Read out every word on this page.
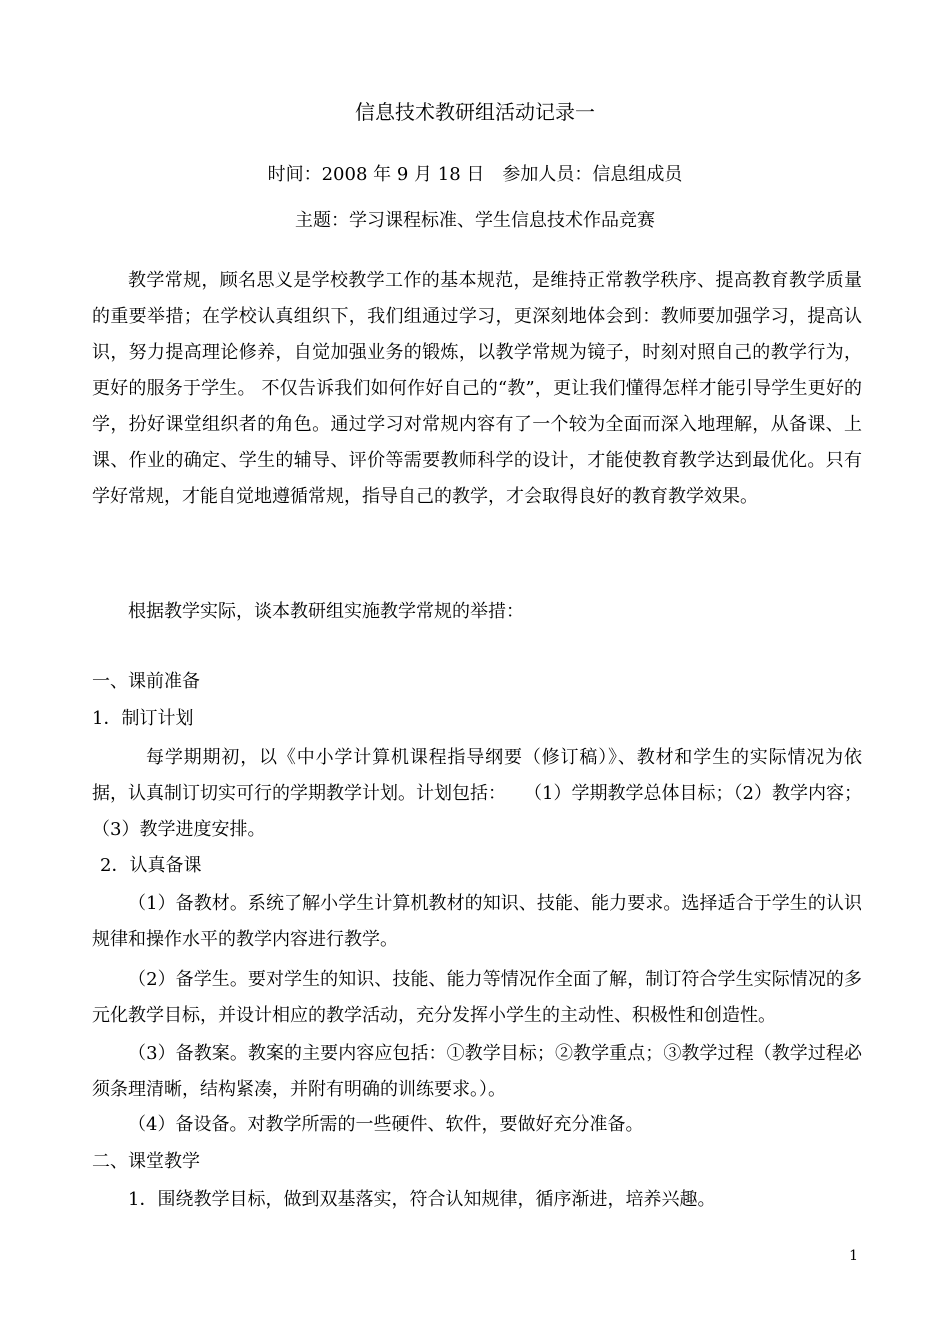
信息技术教研组活动记录一
时间：2008 年 9 月 18 日　参加人员：信息组成员
主题：学习课程标准、学生信息技术作品竞赛
教学常规，顾名思义是学校教学工作的基本规范，是维持正常教学秩序、提高教育教学质量的重要举措；在学校认真组织下，我们组通过学习，更深刻地体会到：教师要加强学习，提高认识，努力提高理论修养，自觉加强业务的锻炼，以教学常规为镜子，时刻对照自己的教学行为，更好的服务于学生。 不仅告诉我们如何作好自己的“教”，更让我们懂得怎样才能引导学生更好的学，扮好课堂组织者的角色。通过学习对常规内容有了一个较为全面而深入地理解，从备课、上课、作业的确定、学生的辅导、评价等需要教师科学的设计，才能使教育教学达到最优化。只有学好常规，才能自觉地遵循常规，指导自己的教学，才会取得良好的教育教学效果。
根据教学实际，谈本教研组实施教学常规的举措：
一、课前准备
1．制订计划
每学期期初，以《中小学计算机课程指导纲要（修订稿）》、教材和学生的实际情况为依据，认真制订切实可行的学期教学计划。计划包括：　　（1）学期教学总体目标；（2）教学内容；（3）教学进度安排。
2．认真备课
（1）备教材。系统了解小学生计算机教材的知识、技能、能力要求。选择适合于学生的认识规律和操作水平的教学内容进行教学。
（2）备学生。要对学生的知识、技能、能力等情况作全面了解，制订符合学生实际情况的多元化教学目标，并设计相应的教学活动，充分发挥小学生的主动性、积极性和创造性。
（3）备教案。教案的主要内容应包括：①教学目标；②教学重点；③教学过程（教学过程必须条理清晰，结构紧凑，并附有明确的训练要求。）。
（4）备设备。对教学所需的一些硬件、软件，要做好充分准备。
二、课堂教学
1．围绕教学目标，做到双基落实，符合认知规律，循序渐进，培养兴趣。
1
